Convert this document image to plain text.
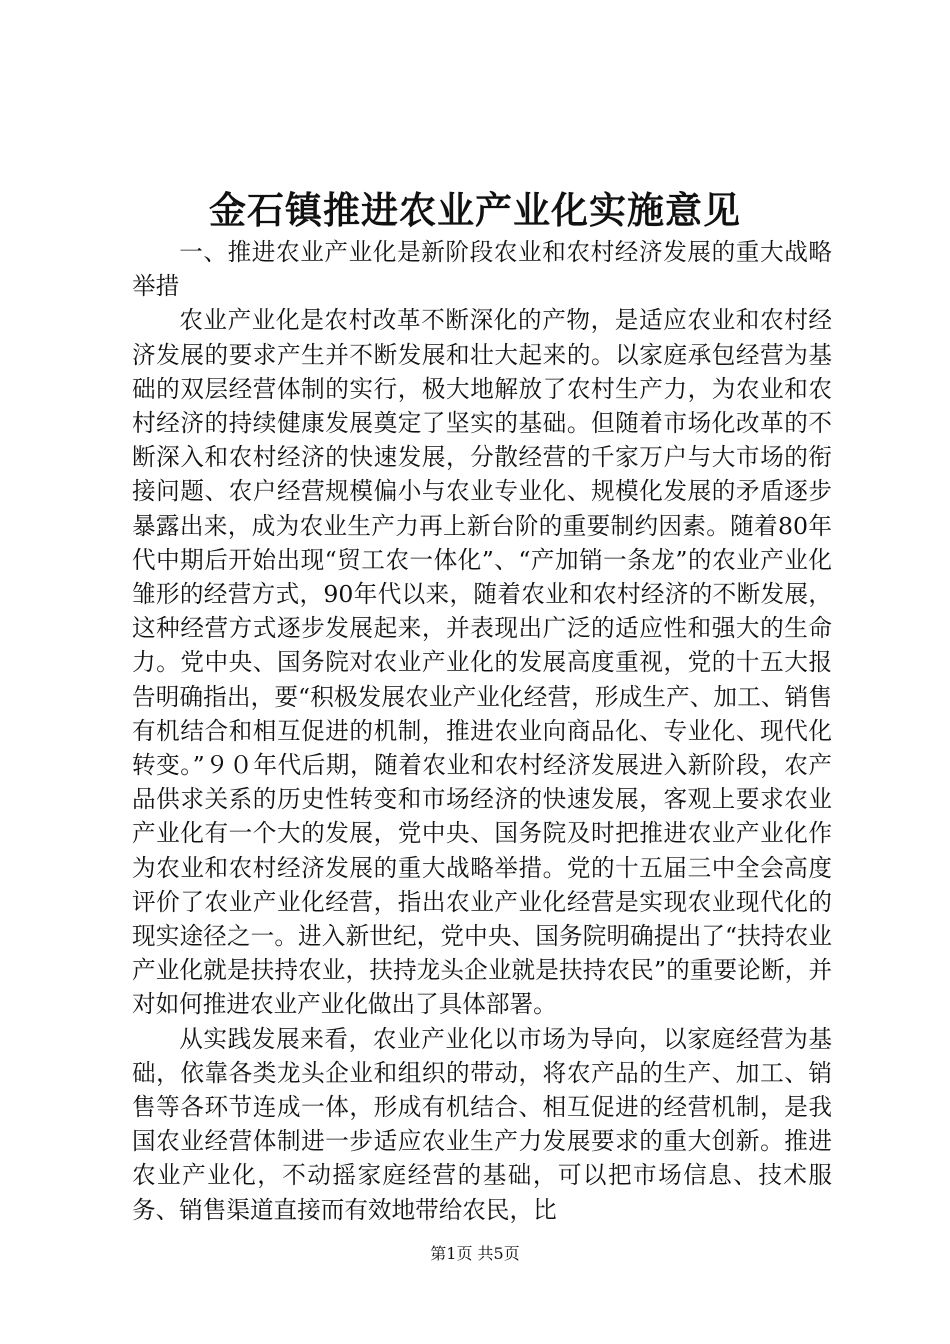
金石镇推进农业产业化实施意见

一、推进农业产业化是新阶段农业和农村经济发展的重大战略举措

农业产业化是农村改革不断深化的产物，是适应农业和农村经济发展的要求产生并不断发展和壮大起来的。以家庭承包经营为基础的双层经营体制的实行，极大地解放了农村生产力，为农业和农村经济的持续健康发展奠定了坚实的基础。但随着市场化改革的不断深入和农村经济的快速发展，分散经营的千家万户与大市场的衔接问题、农户经营规模偏小与农业专业化、规模化发展的矛盾逐步暴露出来，成为农业生产力再上新台阶的重要制约因素。随着80年代中期后开始出现“贸工农一体化”、“产加销一条龙”的农业产业化雏形的经营方式，90年代以来，随着农业和农村经济的不断发展，这种经营方式逐步发展起来，并表现出广泛的适应性和强大的生命力。党中央、国务院对农业产业化的发展高度重视，党的十五大报告明确指出，要“积极发展农业产业化经营，形成生产、加工、销售有机结合和相互促进的机制，推进农业向商品化、专业化、现代化转变。”９０年代后期，随着农业和农村经济发展进入新阶段，农产品供求关系的历史性转变和市场经济的快速发展，客观上要求农业产业化有一个大的发展，党中央、国务院及时把推进农业产业化作为农业和农村经济发展的重大战略举措。党的十五届三中全会高度评价了农业产业化经营，指出农业产业化经营是实现农业现代化的现实途径之一。进入新世纪，党中央、国务院明确提出了“扶持农业产业化就是扶持农业，扶持龙头企业就是扶持农民”的重要论断，并对如何推进农业产业化做出了具体部署。

从实践发展来看，农业产业化以市场为导向，以家庭经营为基础，依靠各类龙头企业和组织的带动，将农产品的生产、加工、销售等各环节连成一体，形成有机结合、相互促进的经营机制，是我国农业经营体制进一步适应农业生产力发展要求的重大创新。推进农业产业化，不动摇家庭经营的基础，可以把市场信息、技术服务、销售渠道直接而有效地带给农民，比

第1页 共5页
